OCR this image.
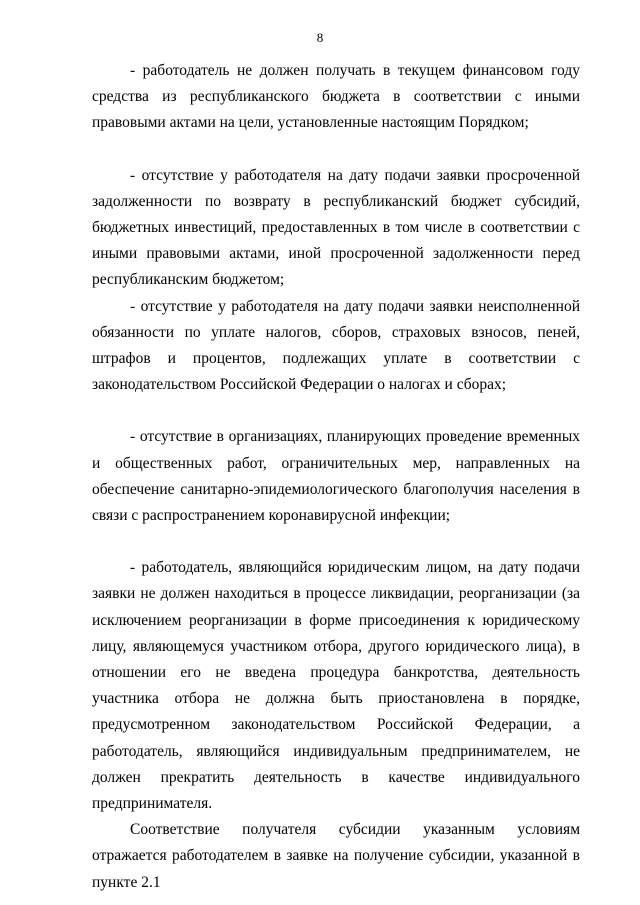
8

- работодатель не должен получать в текущем финансовом году средства из республиканского бюджета в соответствии с иными правовыми актами на цели, установленные настоящим Порядком;

- отсутствие у работодателя на дату подачи заявки просроченной задолженности по возврату в республиканский бюджет субсидий, бюджетных инвестиций, предоставленных в том числе в соответствии с иными правовыми актами, иной просроченной задолженности перед республиканским бюджетом;

- отсутствие у работодателя на дату подачи заявки неисполненной обязанности по уплате налогов, сборов, страховых взносов, пеней, штрафов и процентов, подлежащих уплате в соответствии с законодательством Российской Федерации о налогах и сборах;

- отсутствие в организациях, планирующих проведение временных и общественных работ, ограничительных мер, направленных на обеспечение санитарно-эпидемиологического благополучия населения в связи с распространением коронавирусной инфекции;

- работодатель, являющийся юридическим лицом, на дату подачи заявки не должен находиться в процессе ликвидации, реорганизации (за исключением реорганизации в форме присоединения к юридическому лицу, являющемуся участником отбора, другого юридического лица), в отношении его не введена процедура банкротства, деятельность участника отбора не должна быть приостановлена в порядке, предусмотренном законодательством Российской Федерации, а работодатель, являющийся индивидуальным предпринимателем, не должен прекратить деятельность в качестве индивидуального предпринимателя.

Соответствие получателя субсидии указанным условиям отражается работодателем в заявке на получение субсидии, указанной в пункте 2.1
